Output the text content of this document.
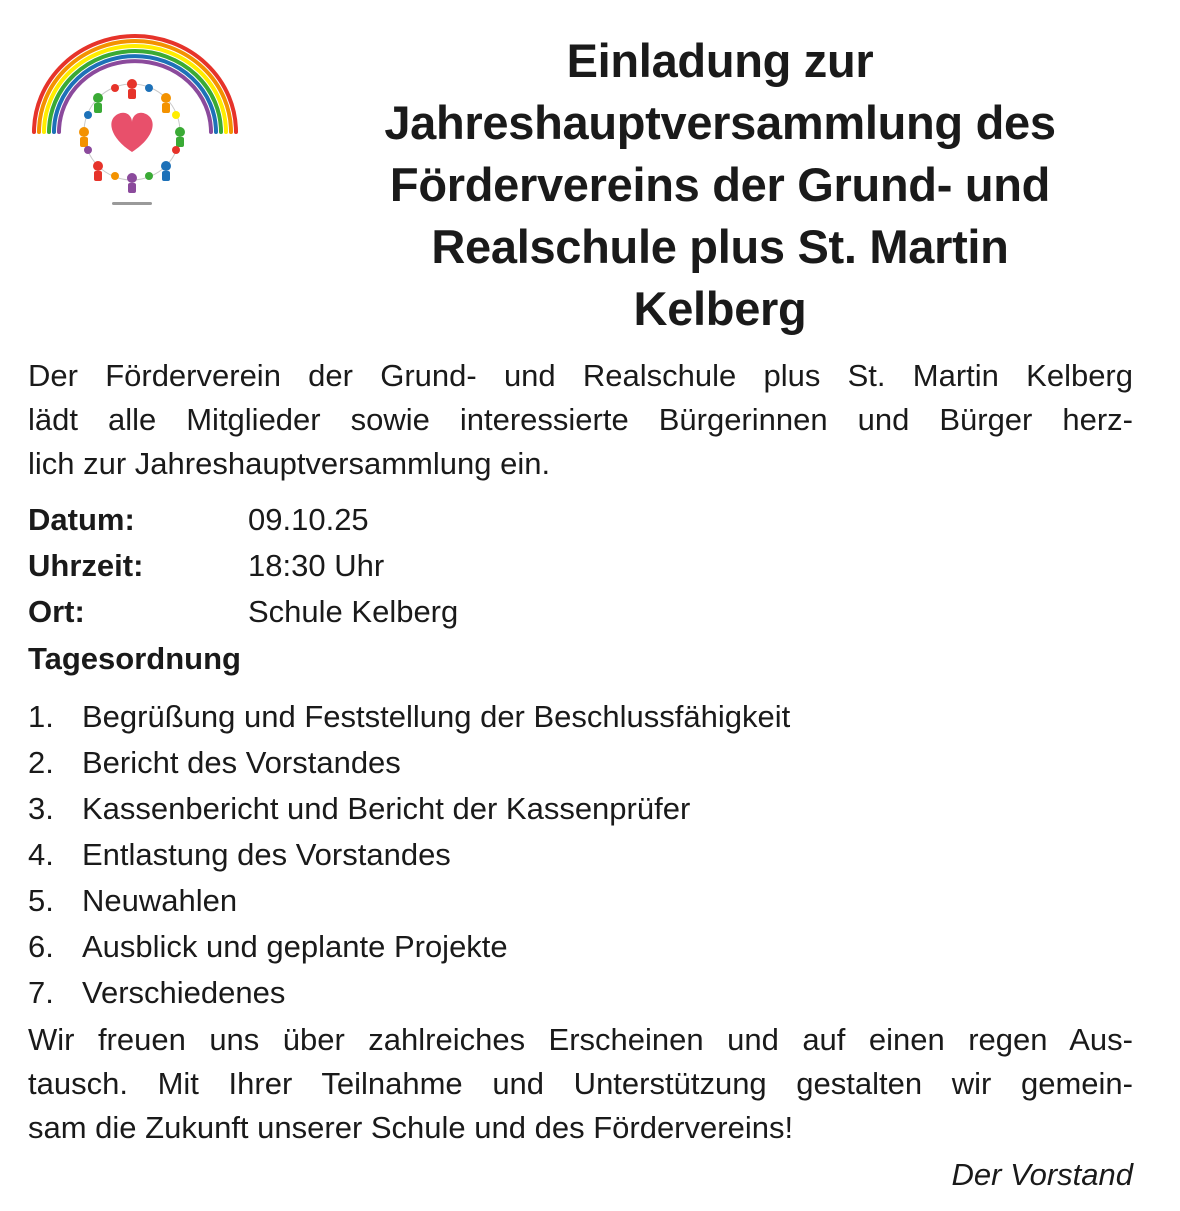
Einladung zur
Jahreshauptversammlung des
Fördervereins der Grund- und
Realschule plus St. Martin
Kelberg

Der Förderverein der Grund- und Realschule plus St. Martin Kelberg
lädt alle Mitglieder sowie interessierte Bürgerinnen und Bürger herz-
lich zur Jahreshauptversammlung ein.

Datum:	09.10.25
Uhrzeit:	18:30 Uhr
Ort:	Schule Kelberg
Tagesordnung
1. Begrüßung und Feststellung der Beschlussfähigkeit
2. Bericht des Vorstandes
3. Kassenbericht und Bericht der Kassenprüfer
4. Entlastung des Vorstandes
5. Neuwahlen
6. Ausblick und geplante Projekte
7. Verschiedenes

Wir freuen uns über zahlreiches Erscheinen und auf einen regen Aus-
tausch. Mit Ihrer Teilnahme und Unterstützung gestalten wir gemein-
sam die Zukunft unserer Schule und des Fördervereins!

Der Vorstand
